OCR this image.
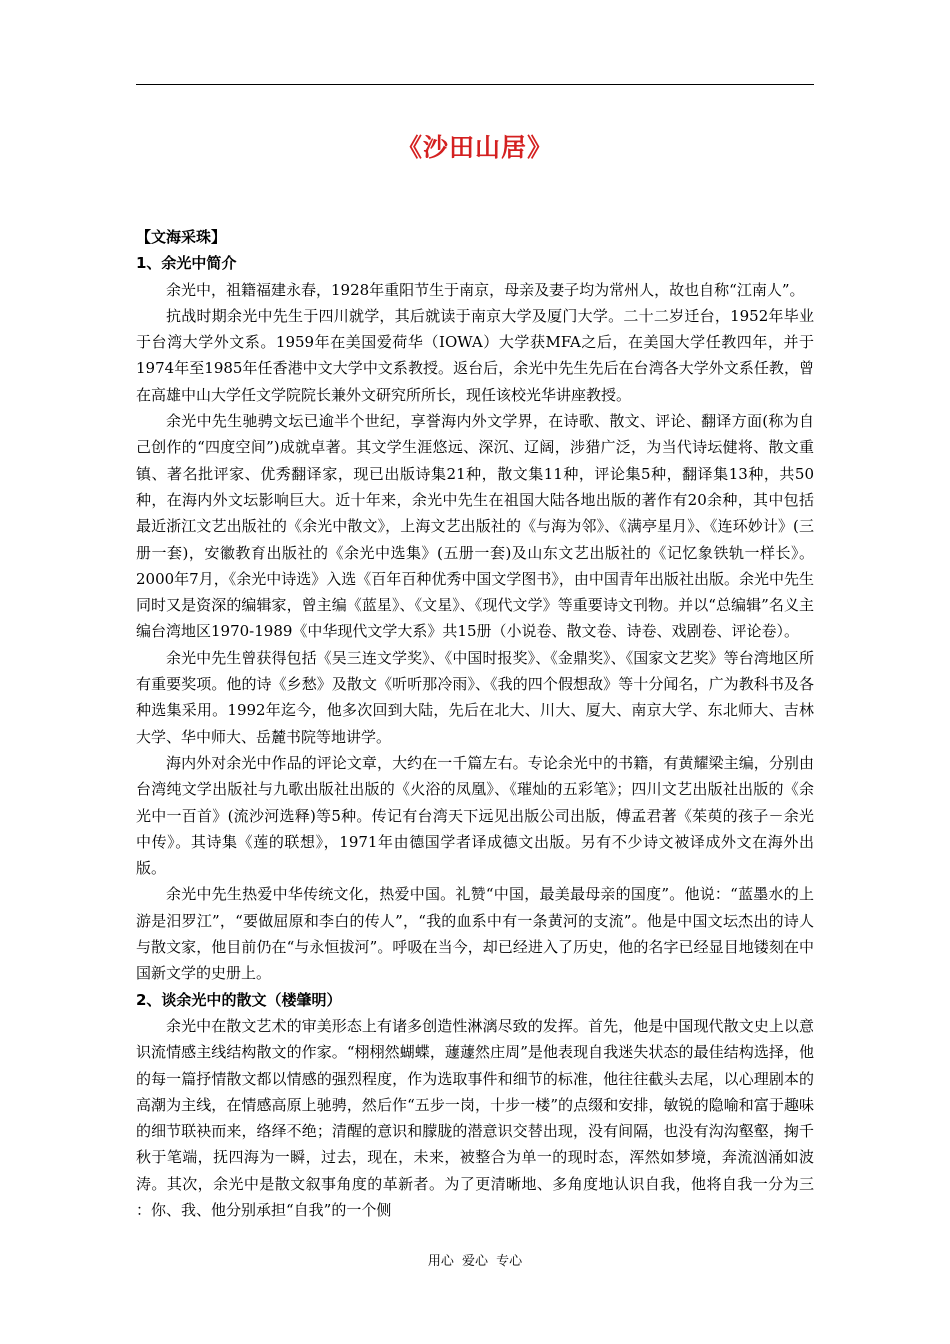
《沙田山居》

【文海采珠】

1、余光中简介

余光中，祖籍福建永春，1928年重阳节生于南京，母亲及妻子均为常州人，故也自称“江南人”。

抗战时期余光中先生于四川就学，其后就读于南京大学及厦门大学。二十二岁迁台，1952年毕业于台湾大学外文系。1959年在美国爱荷华（IOWA）大学获MFA之后，在美国大学任教四年，并于1974年至1985年任香港中文大学中文系教授。返台后，余光中先生先后在台湾各大学外文系任教，曾在高雄中山大学任文学院院长兼外文研究所所长，现任该校光华讲座教授。

余光中先生驰骋文坛已逾半个世纪，享誉海内外文学界，在诗歌、散文、评论、翻译方面(称为自己创作的“四度空间”)成就卓著。其文学生涯悠远、深沉、辽阔，涉猎广泛，为当代诗坛健将、散文重镇、著名批评家、优秀翻译家，现已出版诗集21种，散文集11种，评论集5种，翻译集13种，共50种，在海内外文坛影响巨大。近十年来，余光中先生在祖国大陆各地出版的著作有20余种，其中包括最近浙江文艺出版社的《余光中散文》，上海文艺出版社的《与海为邻》、《满亭星月》、《连环妙计》(三册一套)，安徽教育出版社的《余光中选集》(五册一套)及山东文艺出版社的《记忆象铁轨一样长》。2000年7月，《余光中诗选》入选《百年百种优秀中国文学图书》，由中国青年出版社出版。余光中先生同时又是资深的编辑家，曾主编《蓝星》、《文星》、《现代文学》等重要诗文刊物。并以“总编辑”名义主编台湾地区1970-1989《中华现代文学大系》共15册（小说卷、散文卷、诗卷、戏剧卷、评论卷）。

余光中先生曾获得包括《吴三连文学奖》、《中国时报奖》、《金鼎奖》、《国家文艺奖》等台湾地区所有重要奖项。他的诗《乡愁》及散文《听听那冷雨》、《我的四个假想敌》等十分闻名，广为教科书及各种选集采用。1992年迄今，他多次回到大陆，先后在北大、川大、厦大、南京大学、东北师大、吉林大学、华中师大、岳麓书院等地讲学。

海内外对余光中作品的评论文章，大约在一千篇左右。专论余光中的书籍，有黄耀梁主编，分别由台湾纯文学出版社与九歌出版社出版的《火浴的凤凰》、《璀灿的五彩笔》；四川文艺出版社出版的《余光中一百首》(流沙河选释)等5种。传记有台湾天下远见出版公司出版，傅孟君著《茱萸的孩子－余光中传》。其诗集《莲的联想》，1971年由德国学者译成德文出版。另有不少诗文被译成外文在海外出版。

余光中先生热爱中华传统文化，热爱中国。礼赞“中国，最美最母亲的国度”。他说：“蓝墨水的上游是汨罗江”，“要做屈原和李白的传人”，“我的血系中有一条黄河的支流”。他是中国文坛杰出的诗人与散文家，他目前仍在“与永恒拔河”。呼吸在当今，却已经进入了历史，他的名字已经显目地镂刻在中国新文学的史册上。

2、谈余光中的散文（楼肇明）

余光中在散文艺术的审美形态上有诸多创造性淋漓尽致的发挥。首先，他是中国现代散文史上以意识流情感主线结构散文的作家。“栩栩然蝴蝶，蘧蘧然庄周”是他表现自我迷失状态的最佳结构选择，他的每一篇抒情散文都以情感的强烈程度，作为选取事件和细节的标准，他往往截头去尾，以心理剧本的高潮为主线，在情感高原上驰骋，然后作“五步一岗，十步一楼”的点缀和安排，敏锐的隐喻和富于趣味的细节联袂而来，络绎不绝；清醒的意识和朦胧的潜意识交替出现，没有间隔，也没有沟沟壑壑，掬千秋于笔端，抚四海为一瞬，过去，现在，未来，被整合为单一的现时态，浑然如梦境，奔流汹涌如波涛。其次，余光中是散文叙事角度的革新者。为了更清晰地、多角度地认识自我，他将自我一分为三 ：你、我、他分别承担“自我”的一个侧

用心 爱心 专心
